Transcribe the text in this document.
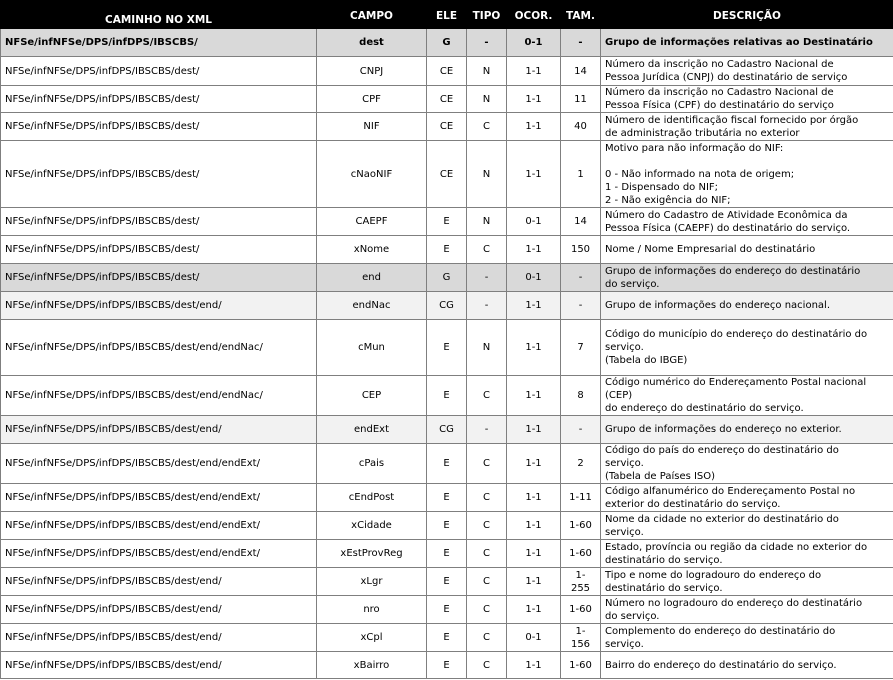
CAMINHO NO XML	CAMPO	ELE	TIPO	OCOR.	TAM.	DESCRIÇÃO
NFSe/infNFSe/DPS/infDPS/IBSCBS/	dest	G	-	0-1	-	Grupo de informações relativas ao Destinatário
NFSe/infNFSe/DPS/infDPS/IBSCBS/dest/	CNPJ	CE	N	1-1	14	Número da inscrição no Cadastro Nacional de
Pessoa Jurídica (CNPJ) do destinatário de serviço
NFSe/infNFSe/DPS/infDPS/IBSCBS/dest/	CPF	CE	N	1-1	11	Número da inscrição no Cadastro Nacional de
Pessoa Física (CPF) do destinatário do serviço
NFSe/infNFSe/DPS/infDPS/IBSCBS/dest/	NIF	CE	C	1-1	40	Número de identificação fiscal fornecido por órgão
de administração tributária no exterior
NFSe/infNFSe/DPS/infDPS/IBSCBS/dest/	cNaoNIF	CE	N	1-1	1	Motivo para não informação do NIF:

0 - Não informado na nota de origem;
1 - Dispensado do NIF;
2 - Não exigência do NIF;
NFSe/infNFSe/DPS/infDPS/IBSCBS/dest/	CAEPF	E	N	0-1	14	Número do Cadastro de Atividade Econômica da
Pessoa Física (CAEPF) do destinatário do serviço.
NFSe/infNFSe/DPS/infDPS/IBSCBS/dest/	xNome	E	C	1-1	150	Nome / Nome Empresarial do destinatário
NFSe/infNFSe/DPS/infDPS/IBSCBS/dest/	end	G	-	0-1	-	Grupo de informações do endereço do destinatário
do serviço.
NFSe/infNFSe/DPS/infDPS/IBSCBS/dest/end/	endNac	CG	-	1-1	-	Grupo de informações do endereço nacional.
NFSe/infNFSe/DPS/infDPS/IBSCBS/dest/end/endNac/	cMun	E	N	1-1	7	Código do município do endereço do destinatário do
serviço.
(Tabela do IBGE)
NFSe/infNFSe/DPS/infDPS/IBSCBS/dest/end/endNac/	CEP	E	C	1-1	8	Código numérico do Endereçamento Postal nacional
(CEP)
do endereço do destinatário do serviço.
NFSe/infNFSe/DPS/infDPS/IBSCBS/dest/end/	endExt	CG	-	1-1	-	Grupo de informações do endereço no exterior.
NFSe/infNFSe/DPS/infDPS/IBSCBS/dest/end/endExt/	cPais	E	C	1-1	2	Código do país do endereço do destinatário do
serviço.
(Tabela de Países ISO)
NFSe/infNFSe/DPS/infDPS/IBSCBS/dest/end/endExt/	cEndPost	E	C	1-1	1-11	Código alfanumérico do Endereçamento Postal no
exterior do destinatário do serviço.
NFSe/infNFSe/DPS/infDPS/IBSCBS/dest/end/endExt/	xCidade	E	C	1-1	1-60	Nome da cidade no exterior do destinatário do
serviço.
NFSe/infNFSe/DPS/infDPS/IBSCBS/dest/end/endExt/	xEstProvReg	E	C	1-1	1-60	Estado, província ou região da cidade no exterior do
destinatário do serviço.
NFSe/infNFSe/DPS/infDPS/IBSCBS/dest/end/	xLgr	E	C	1-1	1-
255	Tipo e nome do logradouro do endereço do
destinatário do serviço.
NFSe/infNFSe/DPS/infDPS/IBSCBS/dest/end/	nro	E	C	1-1	1-60	Número no logradouro do endereço do destinatário
do serviço.
NFSe/infNFSe/DPS/infDPS/IBSCBS/dest/end/	xCpl	E	C	0-1	1-
156	Complemento do endereço do destinatário do
serviço.
NFSe/infNFSe/DPS/infDPS/IBSCBS/dest/end/	xBairro	E	C	1-1	1-60	Bairro do endereço do destinatário do serviço.
